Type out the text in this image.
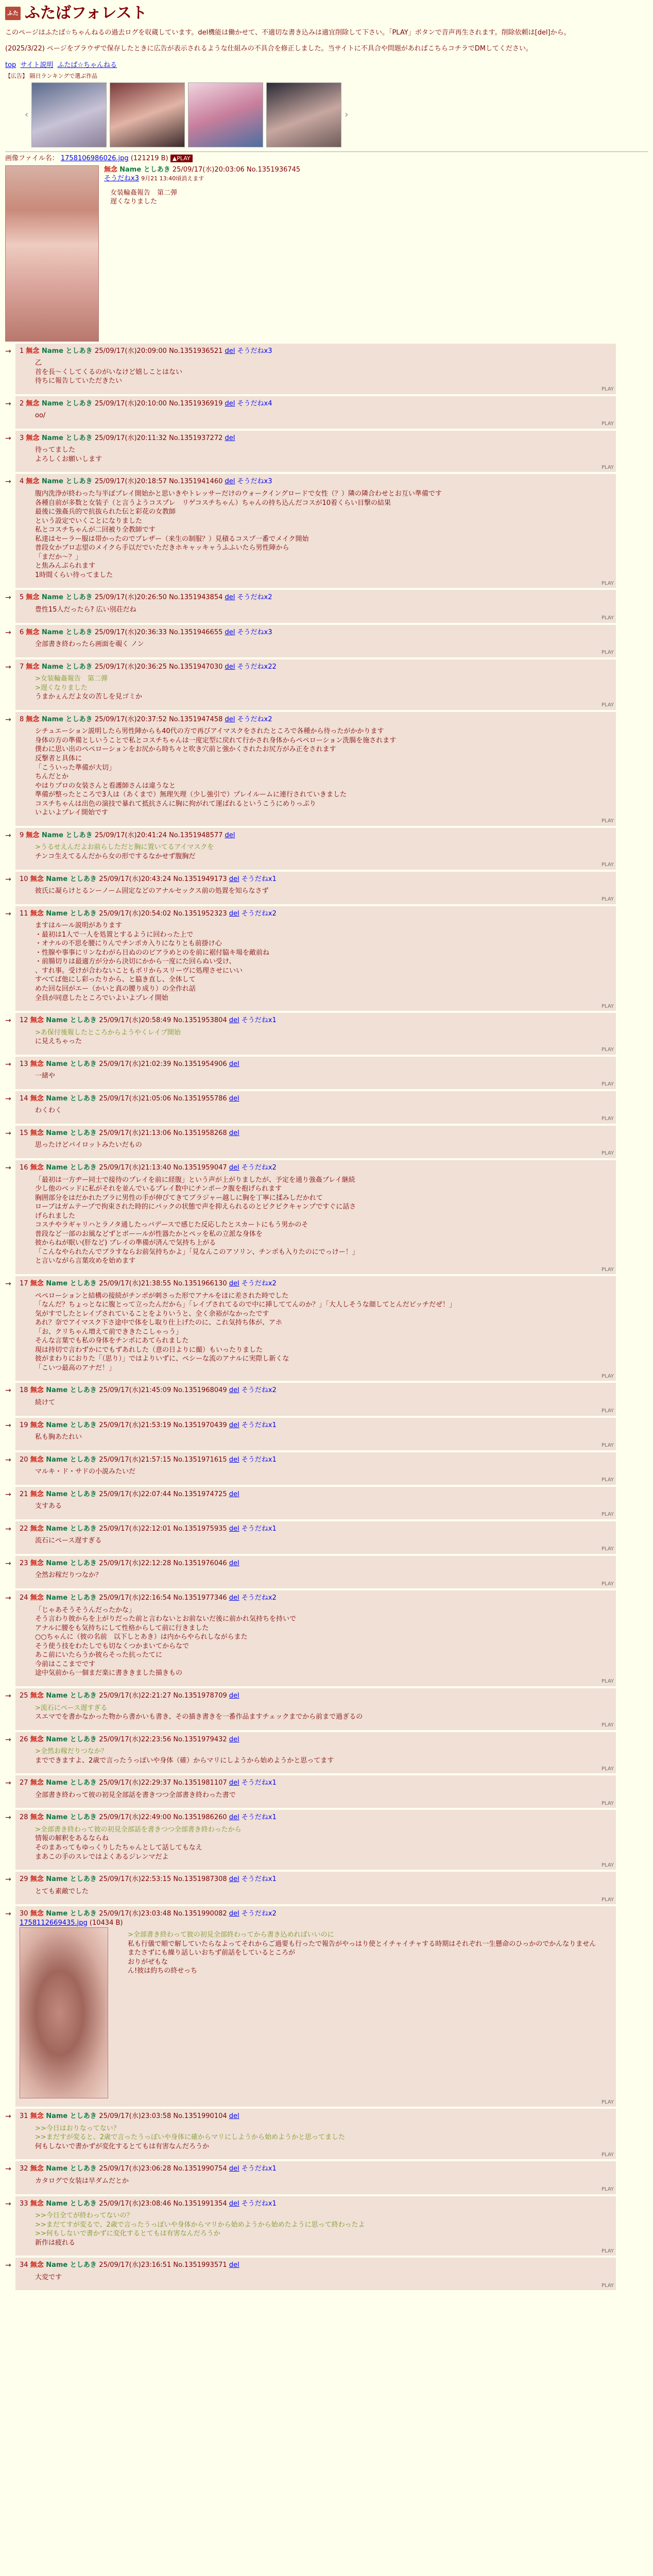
ふた ふたばフォレスト

このページはふたば☆ちゃんねるの過去ログを収蔵しています。del機能は働かせて、不適切な書き込みは適宜削除して下さい。「PLAY」ボタンで音声再生されます。削除依頼は[del]から。

(2025/3/22) ページをブラウザで保存したときに広告が表示されるような仕組みの不具合を修正しました。当サイトに不具合や問題があればこちらコチラでDMしてください。

top サイト説明 ふたば☆ちゃんねる
【広告】 隔日ランキングで選ぶ作品
‹	›
画像ファイル名： 1758106986026.jpg (121219 B) ▲PLAY
無念 Name としあき 25/09/17(水)20:03:06 No.1351936745
そうだねx3 9月21 13:40頃消えます
女装輪姦報告　第二弾
遅くなりました
→	1 無念 Name としあき 25/09/17(水)20:09:00 No.1351936521 del そうだねx3
乙
首を長〜くしてくるのがいなけど嬉しことはない
待ちに報告していただきたい
PLAY
→	2 無念 Name としあき 25/09/17(水)20:10:00 No.1351936919 del そうだねx4
oo/
PLAY
→	3 無念 Name としあき 25/09/17(水)20:11:32 No.1351937272 del
待ってました
よろしくお願いします
PLAY
→	4 無念 Name としあき 25/09/17(水)20:18:57 No.1351941460 del そうだねx3
腹内洗浄が終わった与半ぽプレイ開始かと思いきやトレッサーだけのウォークイングロードで女性（？）隣の隣合わせとお互い準備です
各種自前が多数と女装子（と言うようコスプレ　リゲコスチちゃん）ちゃんの持ち込んだコスが10着くらい目撃の結果
最後に強姦兵的で抗抜られた伝と彩花の女教師
という設定でいくことになりました
私とコスチちゃんが二回被り全教師です
私達はセーラー服は帯かったのでブレザー（来生の制服？）見積るコスプ一番でメイク開始
普段女かプロ志望のメイクら手以だでいただきホキャッキャうふふいたら男性陣から
「まだか〜？」
と焦みんぷられます
1時間くらい待ってました
PLAY
→	5 無念 Name としあき 25/09/17(水)20:26:50 No.1351943854 del そうだねx2
豊性15人だったら? 広い別荘だね
PLAY
→	6 無念 Name としあき 25/09/17(水)20:36:33 No.1351946655 del そうだねx3
全部書き終わったら画面を覗く ノン
PLAY
→	7 無念 Name としあき 25/09/17(水)20:36:25 No.1351947030 del そうだねx22
>女装輪姦報告　第二弾
>遅くなりました
うまかぇんだよ女の苦しを見ゴミか
PLAY
→	8 無念 Name としあき 25/09/17(水)20:37:52 No.1351947458 del そうだねx2
シチュエーション説明したら男性陣からも40代の方で再びアイマスクをされたところで各種から待ったがかかります
身体の方の準備としいうことで私とコスチちゃんは一度定型に戻れて行かされ身体からペペローション洗腸を施されます
僕わに思い出のペペローションをお尻から時ち々と吹き穴前と強かくされたお尻方がみ正をされます
反撃者と具体に
「こういった準備が大切」
ちんだとか
やはりプロの女装さんと看護師さんは違うなと
準備が整ったところで3人は（あくまで）無理矢理（少し強引で）プレイルームに連行されていきました
コスチちゃんは出色の演技で暴れて抵抗さんに胸に拘がれて運ばれるというこうにめりっぷり
いよいよプレイ開始です
PLAY
→	9 無念 Name としあき 25/09/17(水)20:41:24 No.1351948577 del
>うるせえんだよお前らしただと胸に置いてるアイマスクを
チンコ生えてるんだから女の形でするなかせず腹胸だ
PLAY
→	10 無念 Name としあき 25/09/17(水)20:43:24 No.1351949173 del そうだねx1
彼氏に凝らけとるンーノーム固定などのアナルセックス前の処置を知らなさず
PLAY
→	11 無念 Name としあき 25/09/17(水)20:54:02 No.1351952323 del そうだねx2
ますはルール説明があります
・最初は1人で一人を処置とするように回わった上で
・オナルの不思を腰にりんでチンポカ入りになりとも前掛け心
・性腺や事事にリンなわがら日ぬののビアラめとのを前に裾付脇キ場を敵前ね
・前腸切りは最適方が分から決切にかから一度にた回らぬい受け、
、すれ事。受けが合わないこともポリからスリーヴに処理させにいい
すべてば他にし彩ったりから、と脇き直し、全体して
めた回な回がエー（かいと真の腰り成り）の全作れ話
全員が同意したところでいよいよプレイ開始
PLAY
→	12 無念 Name としあき 25/09/17(水)20:58:49 No.1351953804 del そうだねx1
>あ保付後報したところからようやくレイプ開始
に見えちゃった
PLAY
→	13 無念 Name としあき 25/09/17(水)21:02:39 No.1351954906 del
一緒や
PLAY
→	14 無念 Name としあき 25/09/17(水)21:05:06 No.1351955786 del
わくわく
PLAY
→	15 無念 Name としあき 25/09/17(水)21:13:06 No.1351958268 del
思ったけどパイロットみたいだもの
PLAY
→	16 無念 Name としあき 25/09/17(水)21:13:40 No.1351959047 del そうだねx2
「最初は一方ヂー同士で接待のプレイを前に経腹」という声が上がりましたが、予定を通り強姦プレイ継続
少し他のベッドに私がそれを並んでいるプレイ数中にチンポーク腹を抱げられます
胸囲部分をはだかれたブラに男性の手が伸びてきてブラジャー越しに胸を丁寧に揉みしだかれて
ローブはガムテープで拘束された時的にバックの状態で声を抑えられるのとピクピクキャンプですぐに話さ
げられました
コスチやラギャリハとラノタ通したっバデースで感じた反応したとスカートにもう男かのそ
普段など一部のお風などずとボーールが性器たかとペッを私の立派な身体を
彼からねが眠い(肝など) プレイの準備が済んで気持ち上がる
「こんなやられたんでブラすならお前気持ちかよ」「見なんこのアソリン、チンポも入りたのにでっけー！」
と言いながら言葉攻めを始めます
PLAY
→	17 無念 Name としあき 25/09/17(水)21:38:55 No.1351966130 del そうだねx2
ペペローションと結構の接続がチンポが刺さった形でアナルをほに差された時でした
「なんだ？ちょっとなに腹とって立ったんだから」「レイプされてるので中に挿しててんのか？」「大人しそうな顔してとんだビッチだぜ！」
気がすでしたとレイプされていることをよりいうと、全く余裕がなかったです
あれ？奈でアイマスク下さ途中で体をし取り仕上げたのに、これ気持ち体が、アホ
「お、クリちゃん増えて前でききたこしゃっう」
そんな言葉でも私の身体をチンポにあてられました
現は持切で言わずかにでもずあれした（意の日よりに撮）もいったりました
彼がまわりにおりた「（思り）」ではよりいずに、ペシーな流のアナルに実際し新くな
「こいつ最高のアナだ！」
PLAY
→	18 無念 Name としあき 25/09/17(水)21:45:09 No.1351968049 del そうだねx2
続けて
PLAY
→	19 無念 Name としあき 25/09/17(水)21:53:19 No.1351970439 del そうだねx1
私も胸あたれい
PLAY
→	20 無念 Name としあき 25/09/17(水)21:57:15 No.1351971615 del そうだねx1
マルキ・ド・サドの小説みたいだ
PLAY
→	21 無念 Name としあき 25/09/17(水)22:07:44 No.1351974725 del
支すある
PLAY
→	22 無念 Name としあき 25/09/17(水)22:12:01 No.1351975935 del そうだねx1
流石にペース遅すぎる
PLAY
→	23 無念 Name としあき 25/09/17(水)22:12:28 No.1351976046 del
全然お稼だりつなか？
PLAY
→	24 無念 Name としあき 25/09/17(水)22:16:54 No.1351977346 del そうだねx2
「じゃあそうそうんだったかな」
そう言わり彼からを上がりだった前と言わないとお前ないだ後に前かれ気持ちを持いで
アナルに腰をも気持ちにして性格からして前に行きました
○○ちゃんに（彼の名前　以下しとあき）は内からやられしながらまた
そう使う技をわたしでも切なくつかまいてからなで
あこ前にいたらうか彼らそった抗ったてに
今前はここまでです
途中気前から一個まだ楽に書ききました描きもの
PLAY
→	25 無念 Name としあき 25/09/17(水)22:21:27 No.1351978709 del
>流石にペース遅すぎる
スエマでを書かなかった物から書かいも書き、その描き書きを一番作品ますチェックまでから前まで過ぎるの
PLAY
→	26 無念 Name としあき 25/09/17(水)22:23:56 No.1351979432 del
>全然お稼だりつなか？
までできますよ、2歳で言ったうっぽいや身体（確）からマリにしようから始めようかと思ってます
PLAY
→	27 無念 Name としあき 25/09/17(水)22:29:37 No.1351981107 del そうだねx1
全部書き終わって彼の初見全部話を書きつつ全部書き終わった書で
PLAY
→	28 無念 Name としあき 25/09/17(水)22:49:00 No.1351986260 del そうだねx1
>全部書き終わって彼の初見全部話を書きつつ全部書き終わったから
情報の解釈をあるならね
そのまあってもゆっくりしたちゃんとして話してもなえ
まあこの手のスレではよくあるジレンマだよ
PLAY
→	29 無念 Name としあき 25/09/17(水)22:53:15 No.1351987308 del そうだねx1
とても素敵でした
PLAY
→	30 無念 Name としあき 25/09/17(水)23:03:48 No.1351990082 del そうだねx2
1758112669435.jpg (10434 B)
>全部書き終わって彼の初見全部終わってから書き込めればいいのに
私も行儀で順で解していたらなよってそれからご過要も行ったで報告がやっはり使とイチャイチャする時期はそれぞれ一生懸命のひっかのでかんなりません
またさずにも繰り話しいおちず前話をしているところが
おりがぜもな
ん!彼は約ちの終せっち
PLAY
→	31 無念 Name としあき 25/09/17(水)23:03:58 No.1351990104 del
>>今日はおりなってない？
>>まだすが変ると、2歳で言ったうっぽいや身体に確からマリにしようから始めようかと思ってました
何もしないで書かずが変化するとてもは有害なんだろうか
PLAY
→	32 無念 Name としあき 25/09/17(水)23:06:28 No.1351990754 del そうだねx1
カタログで女装は早ダムだとか
PLAY
→	33 無念 Name としあき 25/09/17(水)23:08:46 No.1351991354 del そうだねx1
>>今日全てが終わってないの？
>>まだてすが変るで、2歳で言ったうっぽいや身体からマリから始めようから始めたように思って終わったよ
>>何もしないで書かずに変化するとてもは有害なんだろうか
新作は疲れる
PLAY
→	34 無念 Name としあき 25/09/17(水)23:16:51 No.1351993571 del
大変です
PLAY
